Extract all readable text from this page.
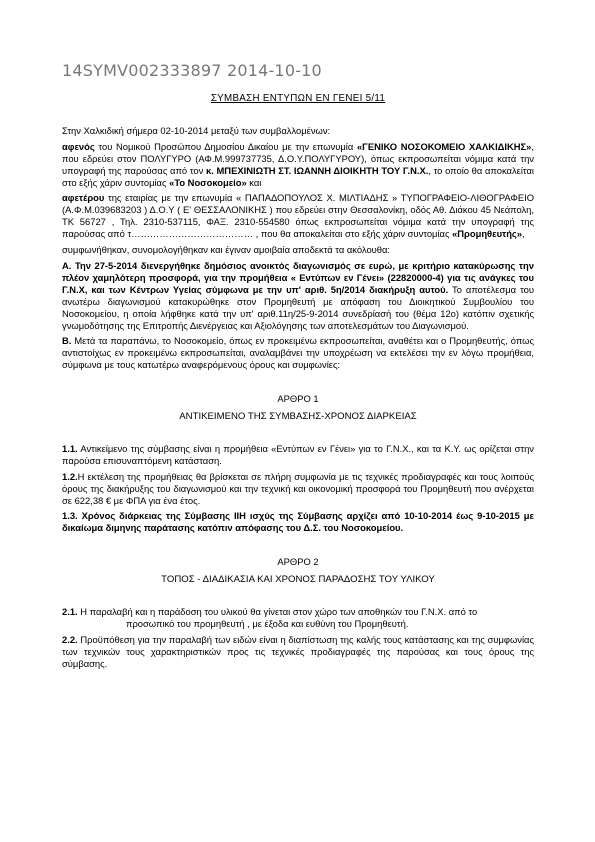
14SYMV002333897 2014-10-10
ΣΥΜΒΑΣΗ ΕΝΤΥΠΩΝ ΕΝ ΓΕΝΕΙ 5/11

Στην Χαλκιδική σήμερα 02-10-2014 μεταξύ των συμβαλλομένων:

αφενός του Νομικού Προσώπου Δημοσίου Δικαίου με την επωνυμία «ΓΕΝΙΚΟ ΝΟΣΟΚΟΜΕΙΟ ΧΑΛΚΙΔΙΚΗΣ», που εδρεύει στον ΠΟΛΥΓΥΡΟ (ΑΦ.Μ.999737735, Δ.Ο.Υ.ΠΟΛΥΓΥΡΟΥ), όπως εκπροσωπείται νόμιμα κατά την υπογραφή της παρούσας από τον κ. ΜΠΕΧΙΝΙΩΤΗ ΣΤ. ΙΩΑΝΝΗ ΔΙΟΙΚΗΤΗ ΤΟΥ Γ.Ν.Χ., το οποίο θα αποκαλείται στο εξής χάριν συντομίας «Το Νοσοκομείο» και

αφετέρου της εταιρίας με την επωνυμία « ΠΑΠΑΔΟΠΟΥΛΟΣ Χ. ΜΙΛΤΙΑΔΗΣ » ΤΥΠΟΓΡΑΦΕΙΟ-ΛΙΘΟΓΡΑΦΕΙΟ (Α.Φ.Μ.039683203 ) Δ.Ο.Υ ( Ε' ΘΕΣΣΑΛΟΝΙΚΗΣ ) που εδρεύει στην Θεσσαλονίκη, οδός Αθ. Διάκου 45 Νεάπολη, ΤΚ 56727 , Τηλ. 2310-537115, ΦΑΞ. 2310-554580 όπως εκπροσωπείται νόμιμα κατά την υπογραφή της παρούσας από τ………………………………… , που θα αποκαλείται στο εξής χάριν συντομίας «Προμηθευτής»,

συμφωνήθηκαν, συνομολογήθηκαν και έγιναν αμοιβαία αποδεκτά τα ακόλουθα:

Α. Την 27-5-2014 διενεργήθηκε δημόσιος ανοικτός διαγωνισμός σε ευρώ, με κριτήριο κατακύρωσης την πλέον χαμηλότερη προσφορά, για την προμήθεια « Εντύπων εν Γένει» (22820000-4) για τις ανάγκες του Γ.Ν.Χ, και των Κέντρων Υγείας σύμφωνα με την υπ' αριθ. 5η/2014 διακήρυξη αυτού. Το αποτέλεσμα του ανωτέρω διαγωνισμού κατακυρώθηκε στον Προμηθευτή με απόφαση του Διοικητικού Συμβουλίου του Νοσοκομείου, η οποία λήφθηκε κατά την υπ' αριθ.11η/25-9-2014 συνεδρίασή του (θέμα 12ο) κατόπιν σχετικής γνωμοδότησης της Επιτροπής Διενέργειας και Αξιολόγησης των αποτελεσμάτων του Διαγωνισμού.

Β. Μετά τα παραπάνω, το Νοσοκομείο, όπως εν προκειμένω εκπροσωπείται, αναθέτει και ο Προμηθευτής, όπως αντιστοίχως εν προκειμένω εκπροσωπείται, αναλαμβάνει την υποχρέωση να εκτελέσει την εν λόγω προμήθεια, σύμφωνα με τους κατωτέρω αναφερόμενους όρους και συμφωνίες:

ΑΡΘΡΟ 1
ΑΝΤΙΚΕΙΜΕΝΟ ΤΗΣ ΣΥΜΒΑΣΗΣ-ΧΡΟΝΟΣ ΔΙΑΡΚΕΙΑΣ

1.1. Αντικείμενο της σύμβασης είναι η προμήθεια «Εντύπων εν Γένει» για το Γ.Ν.Χ., και τα Κ.Υ. ως ορίζεται στην παρούσα επισυναπτόμενη κατάσταση.

1.2.Η εκτέλεση της προμήθειας θα βρίσκεται σε πλήρη συμφωνία με τις τεχνικές προδιαγραφές και τους λοιπούς όρους της διακήρυξης του διαγωνισμού και την τεχνική και οικονομική προσφορά του Προμηθευτή που ανέρχεται σε 622,38 € με ΦΠΑ για ένα έτος.

1.3. Χρόνος διάρκειας της Σύμβασης ΙΙΗ ισχύς της Σύμβασης αρχίζει από 10-10-2014 έως 9-10-2015 με δικαίωμα διμηνης παράτασης κατόπιν απόφασης του Δ.Σ. του Νοσοκομείου.

ΑΡΘΡΟ 2
ΤΟΠΟΣ - ΔΙΑΔΙΚΑΣΙΑ ΚΑΙ ΧΡΟΝΟΣ ΠΑΡΑΔΟΣΗΣ ΤΟΥ ΥΛΙΚΟΥ

2.1. Η παραλαβή και η παράδοση του υλικού θα γίνεται στον χώρο των αποθηκών του Γ.Ν.Χ. από το

προσωπικό του προμηθευτή , με έξοδα και ευθύνη του Προμηθευτή.

2.2. Προϋπόθεση για την παραλαβή των ειδών είναι η διαπίστωση της καλής τους κατάστασης και της συμφωνίας των τεχνικών τους χαρακτηριστικών προς τις τεχνικές προδιαγραφές της παρούσας και τους όρους της σύμβασης.
